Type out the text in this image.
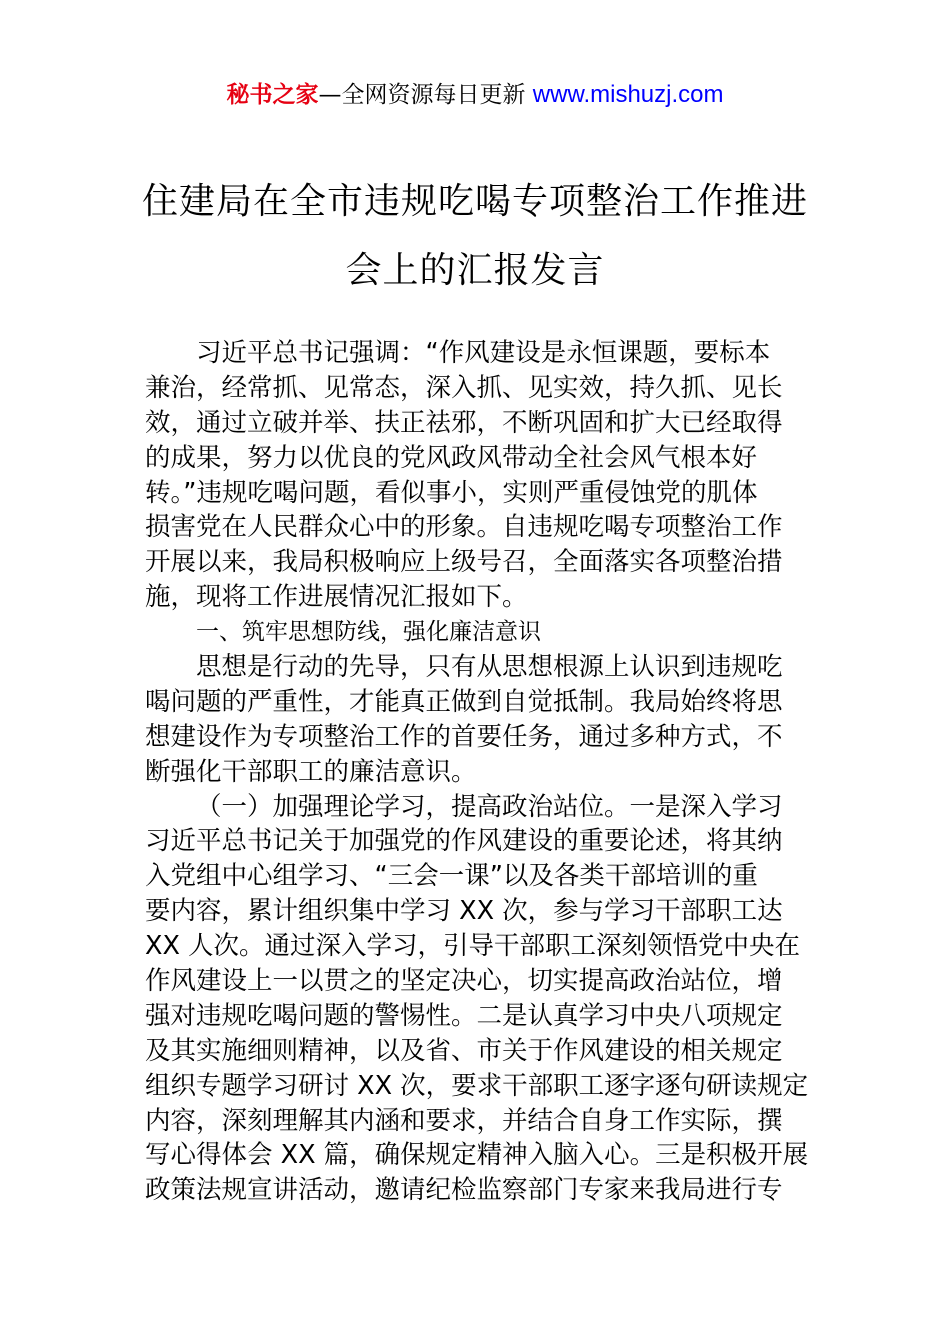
秘书之家—全网资源每日更新 www.mishuzj.com
住建局在全市违规吃喝专项整治工作推进
会上的汇报发言
习近平总书记强调：“作风建设是永恒课题，要标本
兼治，经常抓、见常态，深入抓、见实效，持久抓、见长
效，通过立破并举、扶正祛邪，不断巩固和扩大已经取得
的成果，努力以优良的党风政风带动全社会风气根本好
转。”违规吃喝问题，看似事小，实则严重侵蚀党的肌体
损害党在人民群众心中的形象。自违规吃喝专项整治工作
开展以来，我局积极响应上级号召，全面落实各项整治措
施，现将工作进展情况汇报如下。
一、筑牢思想防线，强化廉洁意识
思想是行动的先导，只有从思想根源上认识到违规吃
喝问题的严重性，才能真正做到自觉抵制。我局始终将思
想建设作为专项整治工作的首要任务，通过多种方式，不
断强化干部职工的廉洁意识。
（一）加强理论学习，提高政治站位。一是深入学习
习近平总书记关于加强党的作风建设的重要论述，将其纳
入党组中心组学习、“三会一课”以及各类干部培训的重
要内容，累计组织集中学习 XX 次，参与学习干部职工达
XX 人次。通过深入学习，引导干部职工深刻领悟党中央在
作风建设上一以贯之的坚定决心，切实提高政治站位，增
强对违规吃喝问题的警惕性。二是认真学习中央八项规定
及其实施细则精神，以及省、市关于作风建设的相关规定
组织专题学习研讨 XX 次，要求干部职工逐字逐句研读规定
内容，深刻理解其内涵和要求，并结合自身工作实际，撰
写心得体会 XX 篇，确保规定精神入脑入心。三是积极开展
政策法规宣讲活动，邀请纪检监察部门专家来我局进行专
